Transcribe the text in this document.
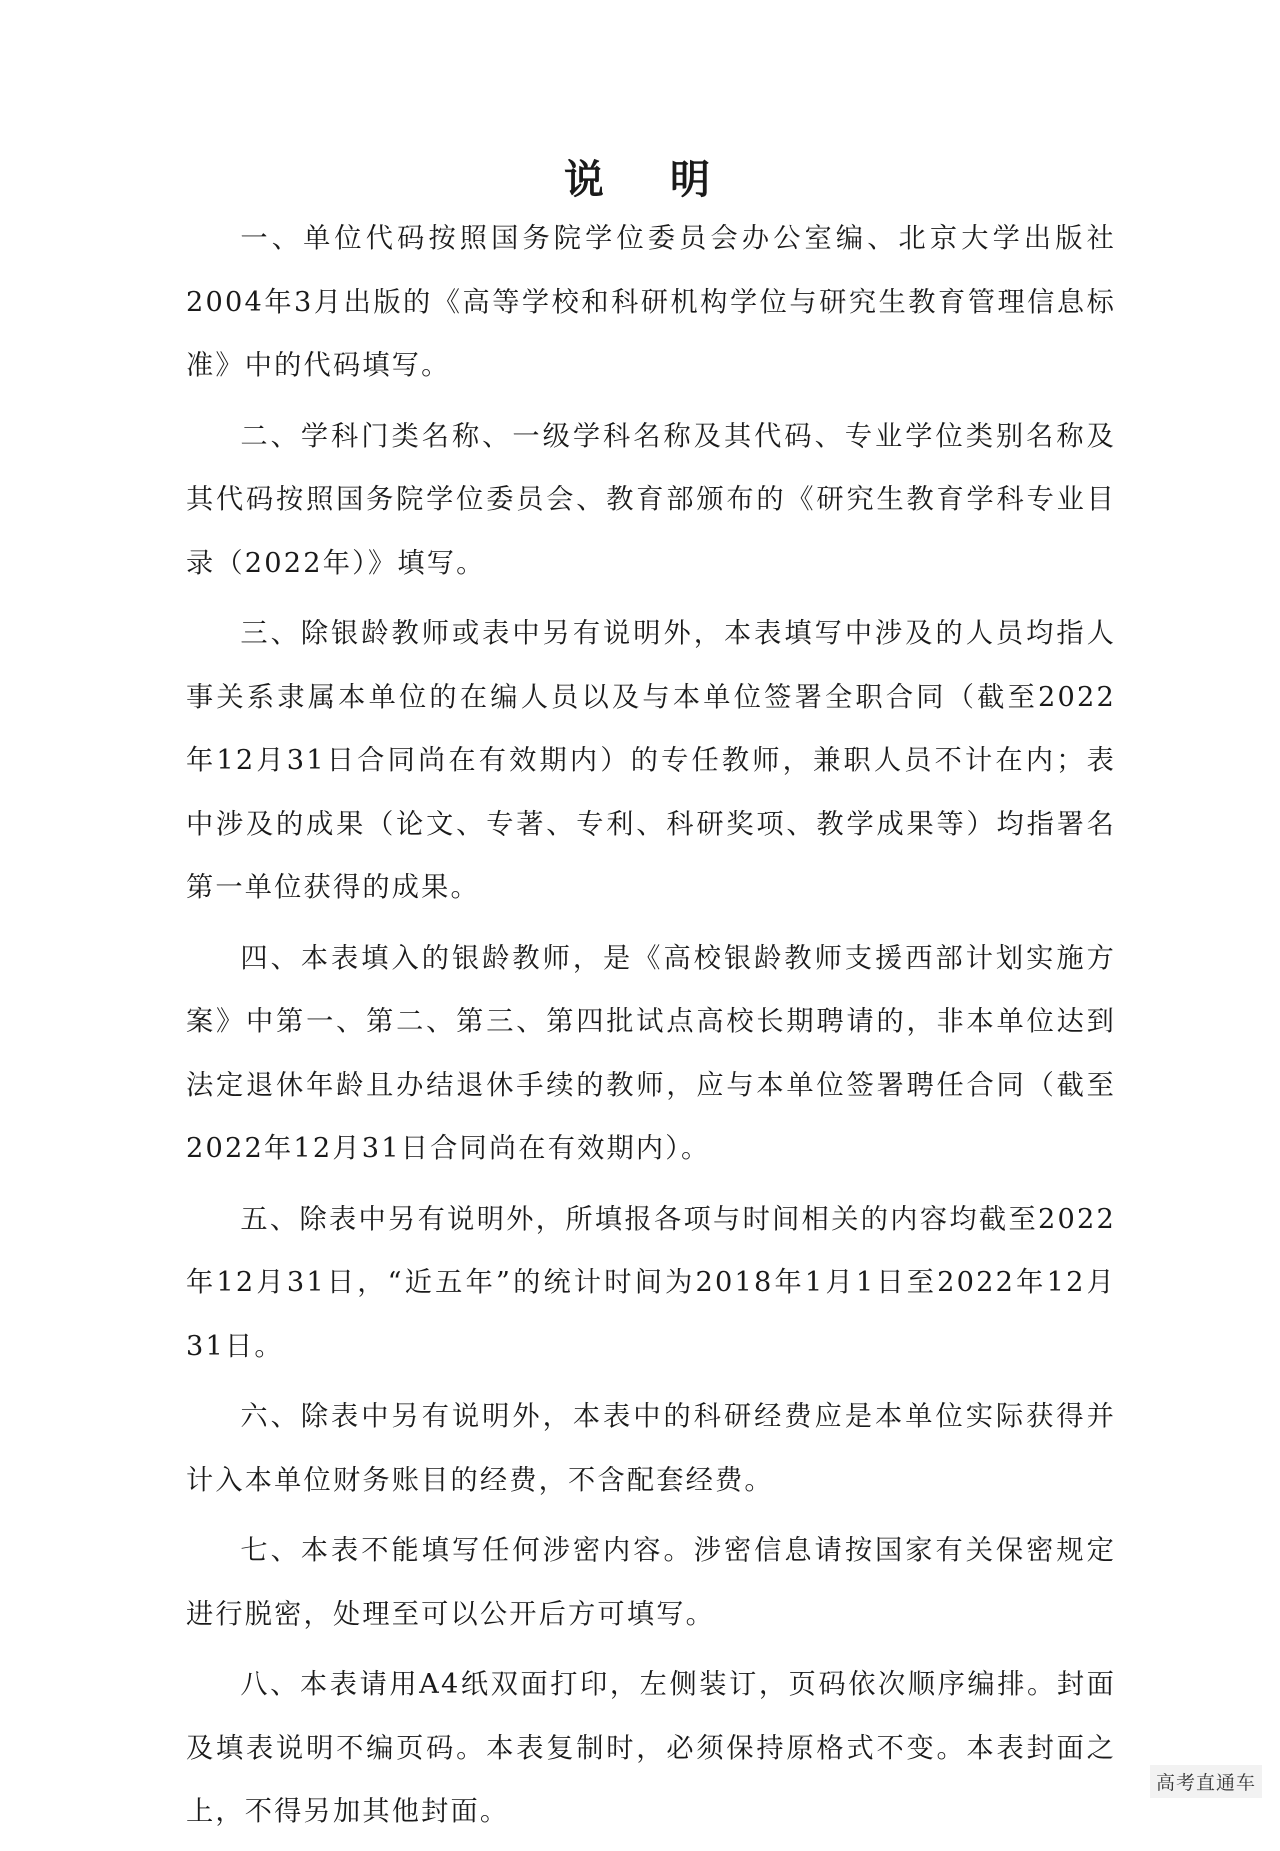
说 明

一、单位代码按照国务院学位委员会办公室编、北京大学出版社2004年3月出版的《高等学校和科研机构学位与研究生教育管理信息标准》中的代码填写。

二、学科门类名称、一级学科名称及其代码、专业学位类别名称及其代码按照国务院学位委员会、教育部颁布的《研究生教育学科专业目录（2022年）》填写。

三、除银龄教师或表中另有说明外，本表填写中涉及的人员均指人事关系隶属本单位的在编人员以及与本单位签署全职合同（截至2022年12月31日合同尚在有效期内）的专任教师，兼职人员不计在内；表中涉及的成果（论文、专著、专利、科研奖项、教学成果等）均指署名第一单位获得的成果。

四、本表填入的银龄教师，是《高校银龄教师支援西部计划实施方案》中第一、第二、第三、第四批试点高校长期聘请的，非本单位达到法定退休年龄且办结退休手续的教师，应与本单位签署聘任合同（截至2022年12月31日合同尚在有效期内）。

五、除表中另有说明外，所填报各项与时间相关的内容均截至2022年12月31日，“近五年”的统计时间为2018年1月1日至2022年12月31日。

六、除表中另有说明外，本表中的科研经费应是本单位实际获得并计入本单位财务账目的经费，不含配套经费。

七、本表不能填写任何涉密内容。涉密信息请按国家有关保密规定进行脱密，处理至可以公开后方可填写。

八、本表请用A4纸双面打印，左侧装订，页码依次顺序编排。封面及填表说明不编页码。本表复制时，必须保持原格式不变。本表封面之上，不得另加其他封面。

高考直通车
